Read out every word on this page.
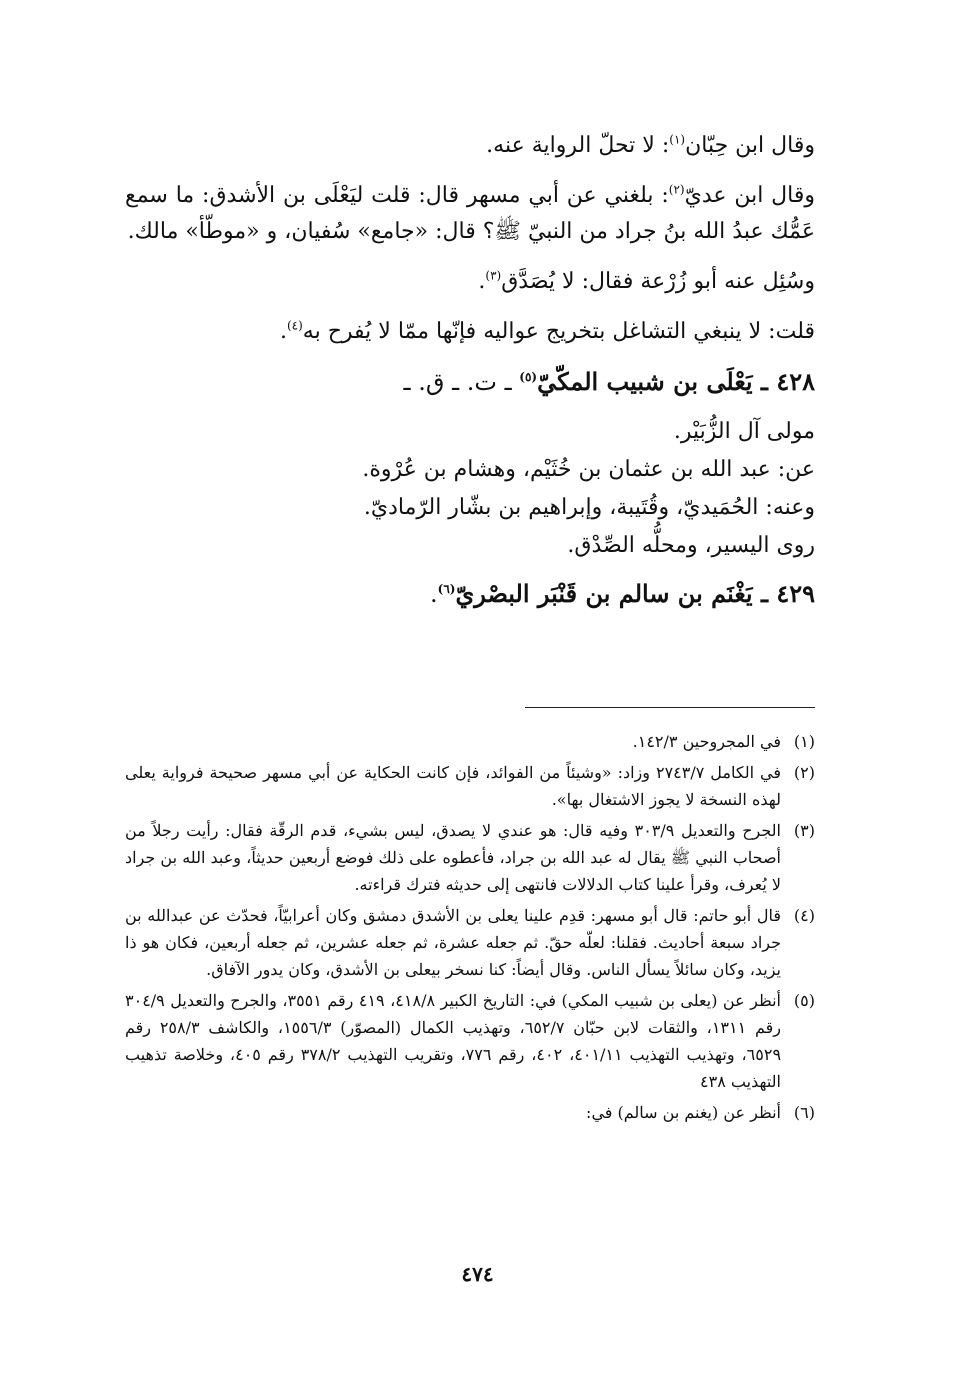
وقال ابن حِبّان$^{(١)}$: لا تحلّ الرواية عنه.

وقال ابن عديّ$^{(٢)}$: بلغني عن أبي مسهر قال: قلت ليَعْلَى بن الأشدق: ما سمع عَمُّك عبدُ الله بنُ جراد من النبيّ ﷺ؟ قال: «جامع» سُفيان، و «موطّأ» مالك.

وسُئِل عنه أبو زُرْعة فقال: لا يُصَدَّق$^{(٣)}$.

قلت: لا ينبغي التشاغل بتخريج عواليه فإنّها ممّا لا يُفرح به$^{(٤)}$.

٤٢٨ ـ يَعْلَى بن شبيب المكّيّ$^{(٥)}$ ـ ت. ـ ق. ـ

مولى آل الزُّبَيْر.

عن: عبد الله بن عثمان بن خُثَيْم، وهشام بن عُرْوة.

وعنه: الحُمَيديّ، وقُتَيبة، وإبراهيم بن بشّار الرّماديّ.

روى اليسير، ومحلُّه الصِّدْق.

٤٢٩ ـ يَغْنَم بن سالم بن قَنْبَر البصْريّ$^{(٦)}$.
(١)
في المجروحين ١٤٢/٣.
(٢)
في الكامل ٢٧٤٣/٧ وزاد: «وشيئاً من الفوائد، فإن كانت الحكاية عن أبي مسهر صحيحة فرواية يعلى لهذه النسخة لا يجوز الاشتغال بها».
(٣)
الجرح والتعديل ٣٠٣/٩ وفيه قال: هو عندي لا يصدق، ليس بشيء، قدم الرقّة فقال: رأيت رجلاً من أصحاب النبي ﷺ يقال له عبد الله بن جراد، فأعطوه على ذلك فوضع أربعين حديثاً، وعبد الله بن جراد لا يُعرف، وقرأ علينا كتاب الدلالات فانتهى إلى حديثه فترك قراءته.
(٤)
قال أبو حاتم: قال أبو مسهر: قدِم علينا يعلى بن الأشدق دمشق وكان أعرابيّاً، فحدّث عن عبدالله بن جراد سبعة أحاديث. فقلنا: لعلّه حقّ. ثم جعله عشرة، ثم جعله عشرين، ثم جعله أربعين، فكان هو ذا يزيد، وكان سائلاً يسأل الناس. وقال أيضاً: كنا نسخر بيعلى بن الأشدق، وكان يدور الآفاق.
(٥)
أنظر عن (يعلى بن شبيب المكي) في: التاريخ الكبير ٤١٨/٨، ٤١٩ رقم ٣٥٥١، والجرح والتعديل ٣٠٤/٩ رقم ١٣١١، والثقات لابن حبّان ٦٥٢/٧، وتهذيب الكمال (المصوّر) ١٥٥٦/٣، والكاشف ٢٥٨/٣ رقم ٦٥٢٩، وتهذيب التهذيب ٤٠١/١١، ٤٠٢، رقم ٧٧٦، وتقريب التهذيب ٣٧٨/٢ رقم ٤٠٥، وخلاصة تذهيب التهذيب ٤٣٨
(٦)
أنظر عن (يغنم بن سالم) في:
٤٧٤
